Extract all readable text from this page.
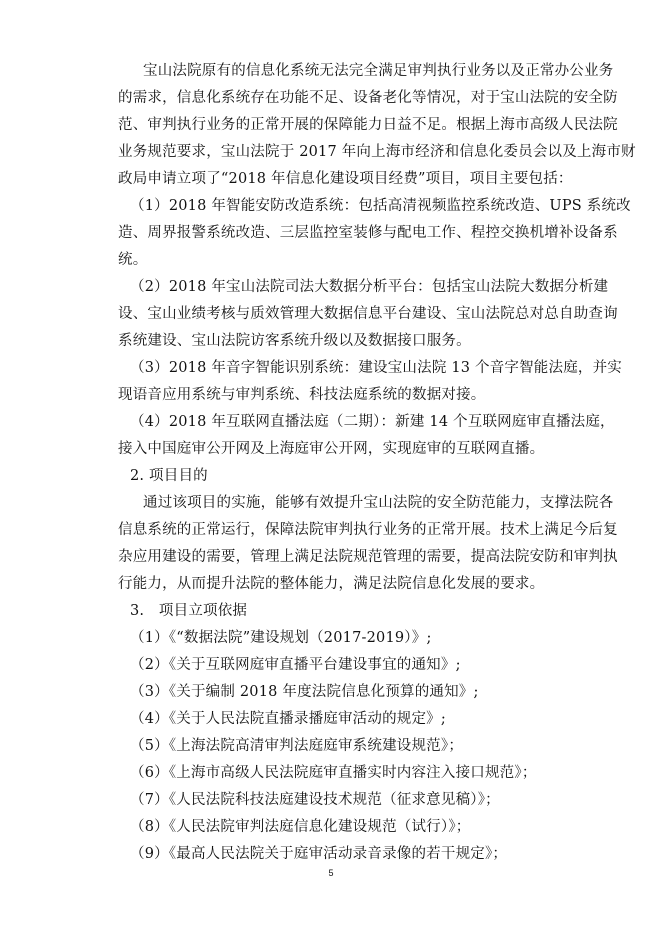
宝山法院原有的信息化系统无法完全满足审判执行业务以及正常办公业务
的需求，信息化系统存在功能不足、设备老化等情况，对于宝山法院的安全防
范、审判执行业务的正常开展的保障能力日益不足。根据上海市高级人民法院
业务规范要求，宝山法院于 2017 年向上海市经济和信息化委员会以及上海市财
政局申请立项了“2018 年信息化建设项目经费”项目，项目主要包括：
（1）2018 年智能安防改造系统：包括高清视频监控系统改造、UPS 系统改
造、周界报警系统改造、三层监控室装修与配电工作、程控交换机增补设备系
统。
（2）2018 年宝山法院司法大数据分析平台：包括宝山法院大数据分析建
设、宝山业绩考核与质效管理大数据信息平台建设、宝山法院总对总自助查询
系统建设、宝山法院访客系统升级以及数据接口服务。
（3）2018 年音字智能识别系统：建设宝山法院 13 个音字智能法庭，并实
现语音应用系统与审判系统、科技法庭系统的数据对接。
（4）2018 年互联网直播法庭（二期）：新建 14 个互联网庭审直播法庭，
接入中国庭审公开网及上海庭审公开网，实现庭审的互联网直播。
2. 项目目的
通过该项目的实施，能够有效提升宝山法院的安全防范能力，支撑法院各
信息系统的正常运行，保障法院审判执行业务的正常开展。技术上满足今后复
杂应用建设的需要，管理上满足法院规范管理的需要，提高法院安防和审判执
行能力，从而提升法院的整体能力，满足法院信息化发展的要求。
3.　项目立项依据
（1）《“数据法院”建设规划（2017-2019）》;
（2）《关于互联网庭审直播平台建设事宜的通知》;
（3）《关于编制 2018 年度法院信息化预算的通知》;
（4）《关于人民法院直播录播庭审活动的规定》;
（5）《上海法院高清审判法庭庭审系统建设规范》；
（6）《上海市高级人民法院庭审直播实时内容注入接口规范》；
（7）《人民法院科技法庭建设技术规范（征求意见稿）》；
（8）《人民法院审判法庭信息化建设规范（试行）》；
（9）《最高人民法院关于庭审活动录音录像的若干规定》；
5
